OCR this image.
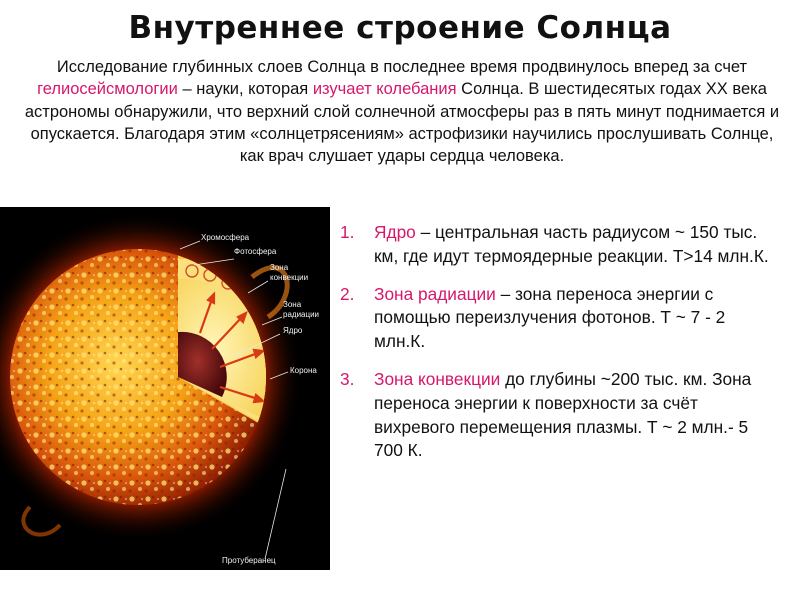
Внутреннее строение Солнца
Исследование глубинных слоев Солнца в последнее время продвинулось вперед за счет гелиосейсмологии – науки, которая изучает колебания Солнца. В шестидесятых годах XX века астрономы обнаружили, что верхний слой солнечной атмосферы раз в пять минут поднимается и опускается. Благодаря этим «солнцетрясениям» астрофизики научились прослушивать Солнце, как врач слушает удары сердца человека.
Хромосфера
Фотосфера
Зона
конвекции
Зона
радиации
Ядро
Корона
Протуберанец
1. Ядро – центральная часть радиусом ~ 150 тыс. км, где идут термоядерные реакции. Т>14 млн.К.
2. Зона радиации – зона переноса энергии с помощью переизлучения фотонов. Т ~ 7 - 2 млн.К.
3. Зона конвекции до глубины ~200 тыс. км. Зона переноса энергии к поверхности за счёт вихревого перемещения плазмы. Т ~ 2 млн.- 5 700 К.
